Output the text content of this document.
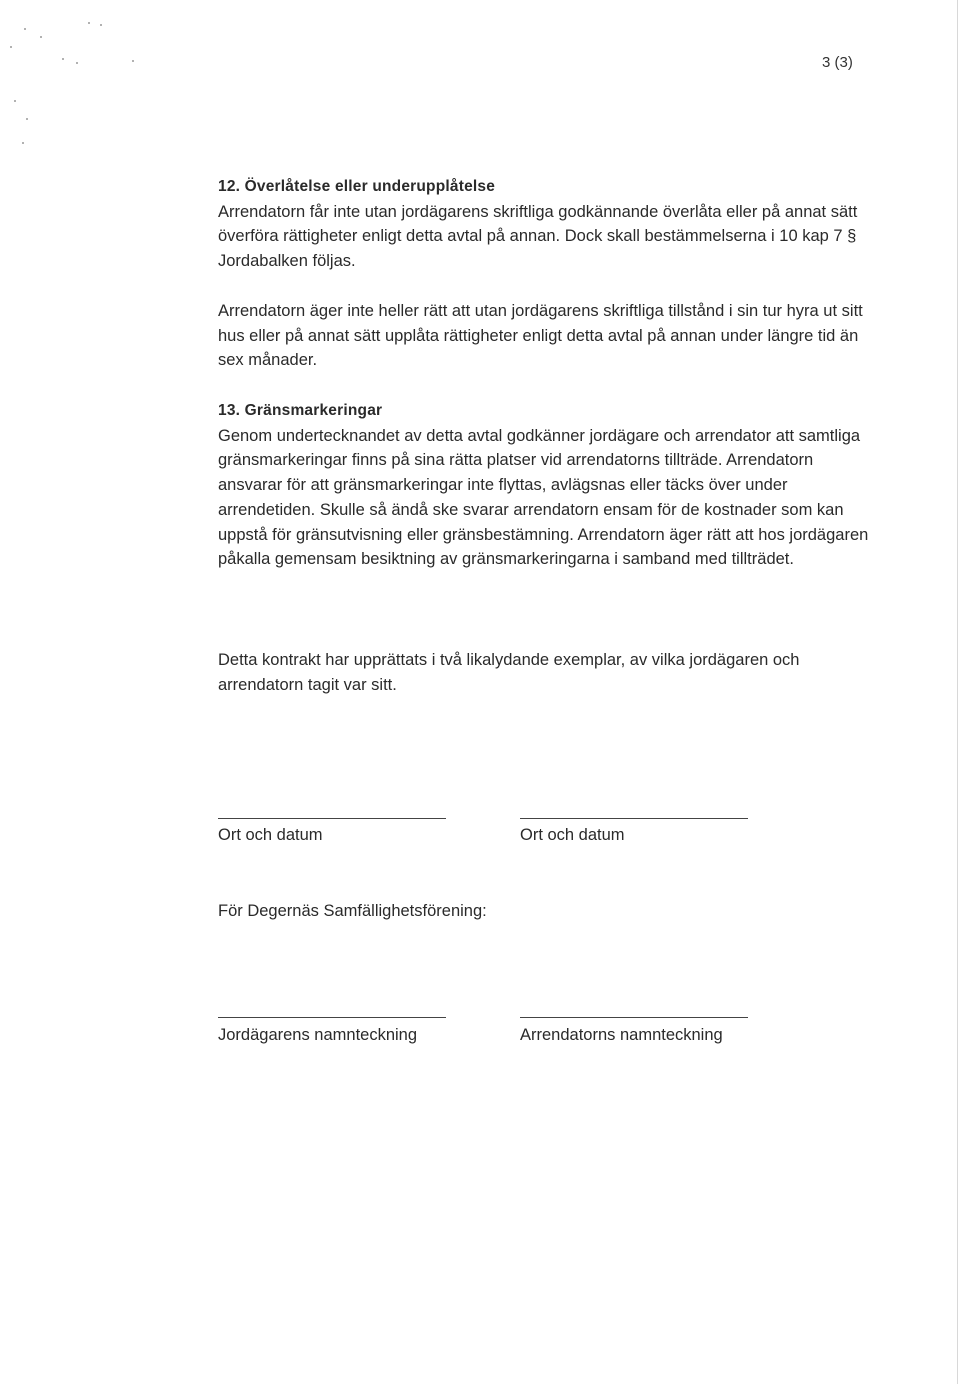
3 (3)

12. Överlåtelse eller underupplåtelse

Arrendatorn får inte utan jordägarens skriftliga godkännande överlåta eller på annat sätt överföra rättigheter enligt detta avtal på annan. Dock skall bestämmelserna i 10 kap 7 § Jordabalken följas.

Arrendatorn äger inte heller rätt att utan jordägarens skriftliga tillstånd i sin tur hyra ut sitt hus eller på annat sätt upplåta rättigheter enligt detta avtal på annan under längre tid än sex månader.

13. Gränsmarkeringar

Genom undertecknandet av detta avtal godkänner jordägare och arrendator att samtliga gränsmarkeringar finns på sina rätta platser vid arrendatorns tillträde. Arrendatorn ansvarar för att gränsmarkeringar inte flyttas, avlägsnas eller täcks över under arrendetiden. Skulle så ändå ske svarar arrendatorn ensam för de kostnader som kan uppstå för gränsutvisning eller gränsbestämning. Arrendatorn äger rätt att hos jordägaren påkalla gemensam besiktning av gränsmarkeringarna i samband med tillträdet.

Detta kontrakt har upprättats i två likalydande exemplar, av vilka jordägaren och arrendatorn tagit var sitt.

Ort och datum	Ort och datum
För Degernäs Samfällighetsförening:
Jordägarens namnteckning	Arrendatorns namnteckning
